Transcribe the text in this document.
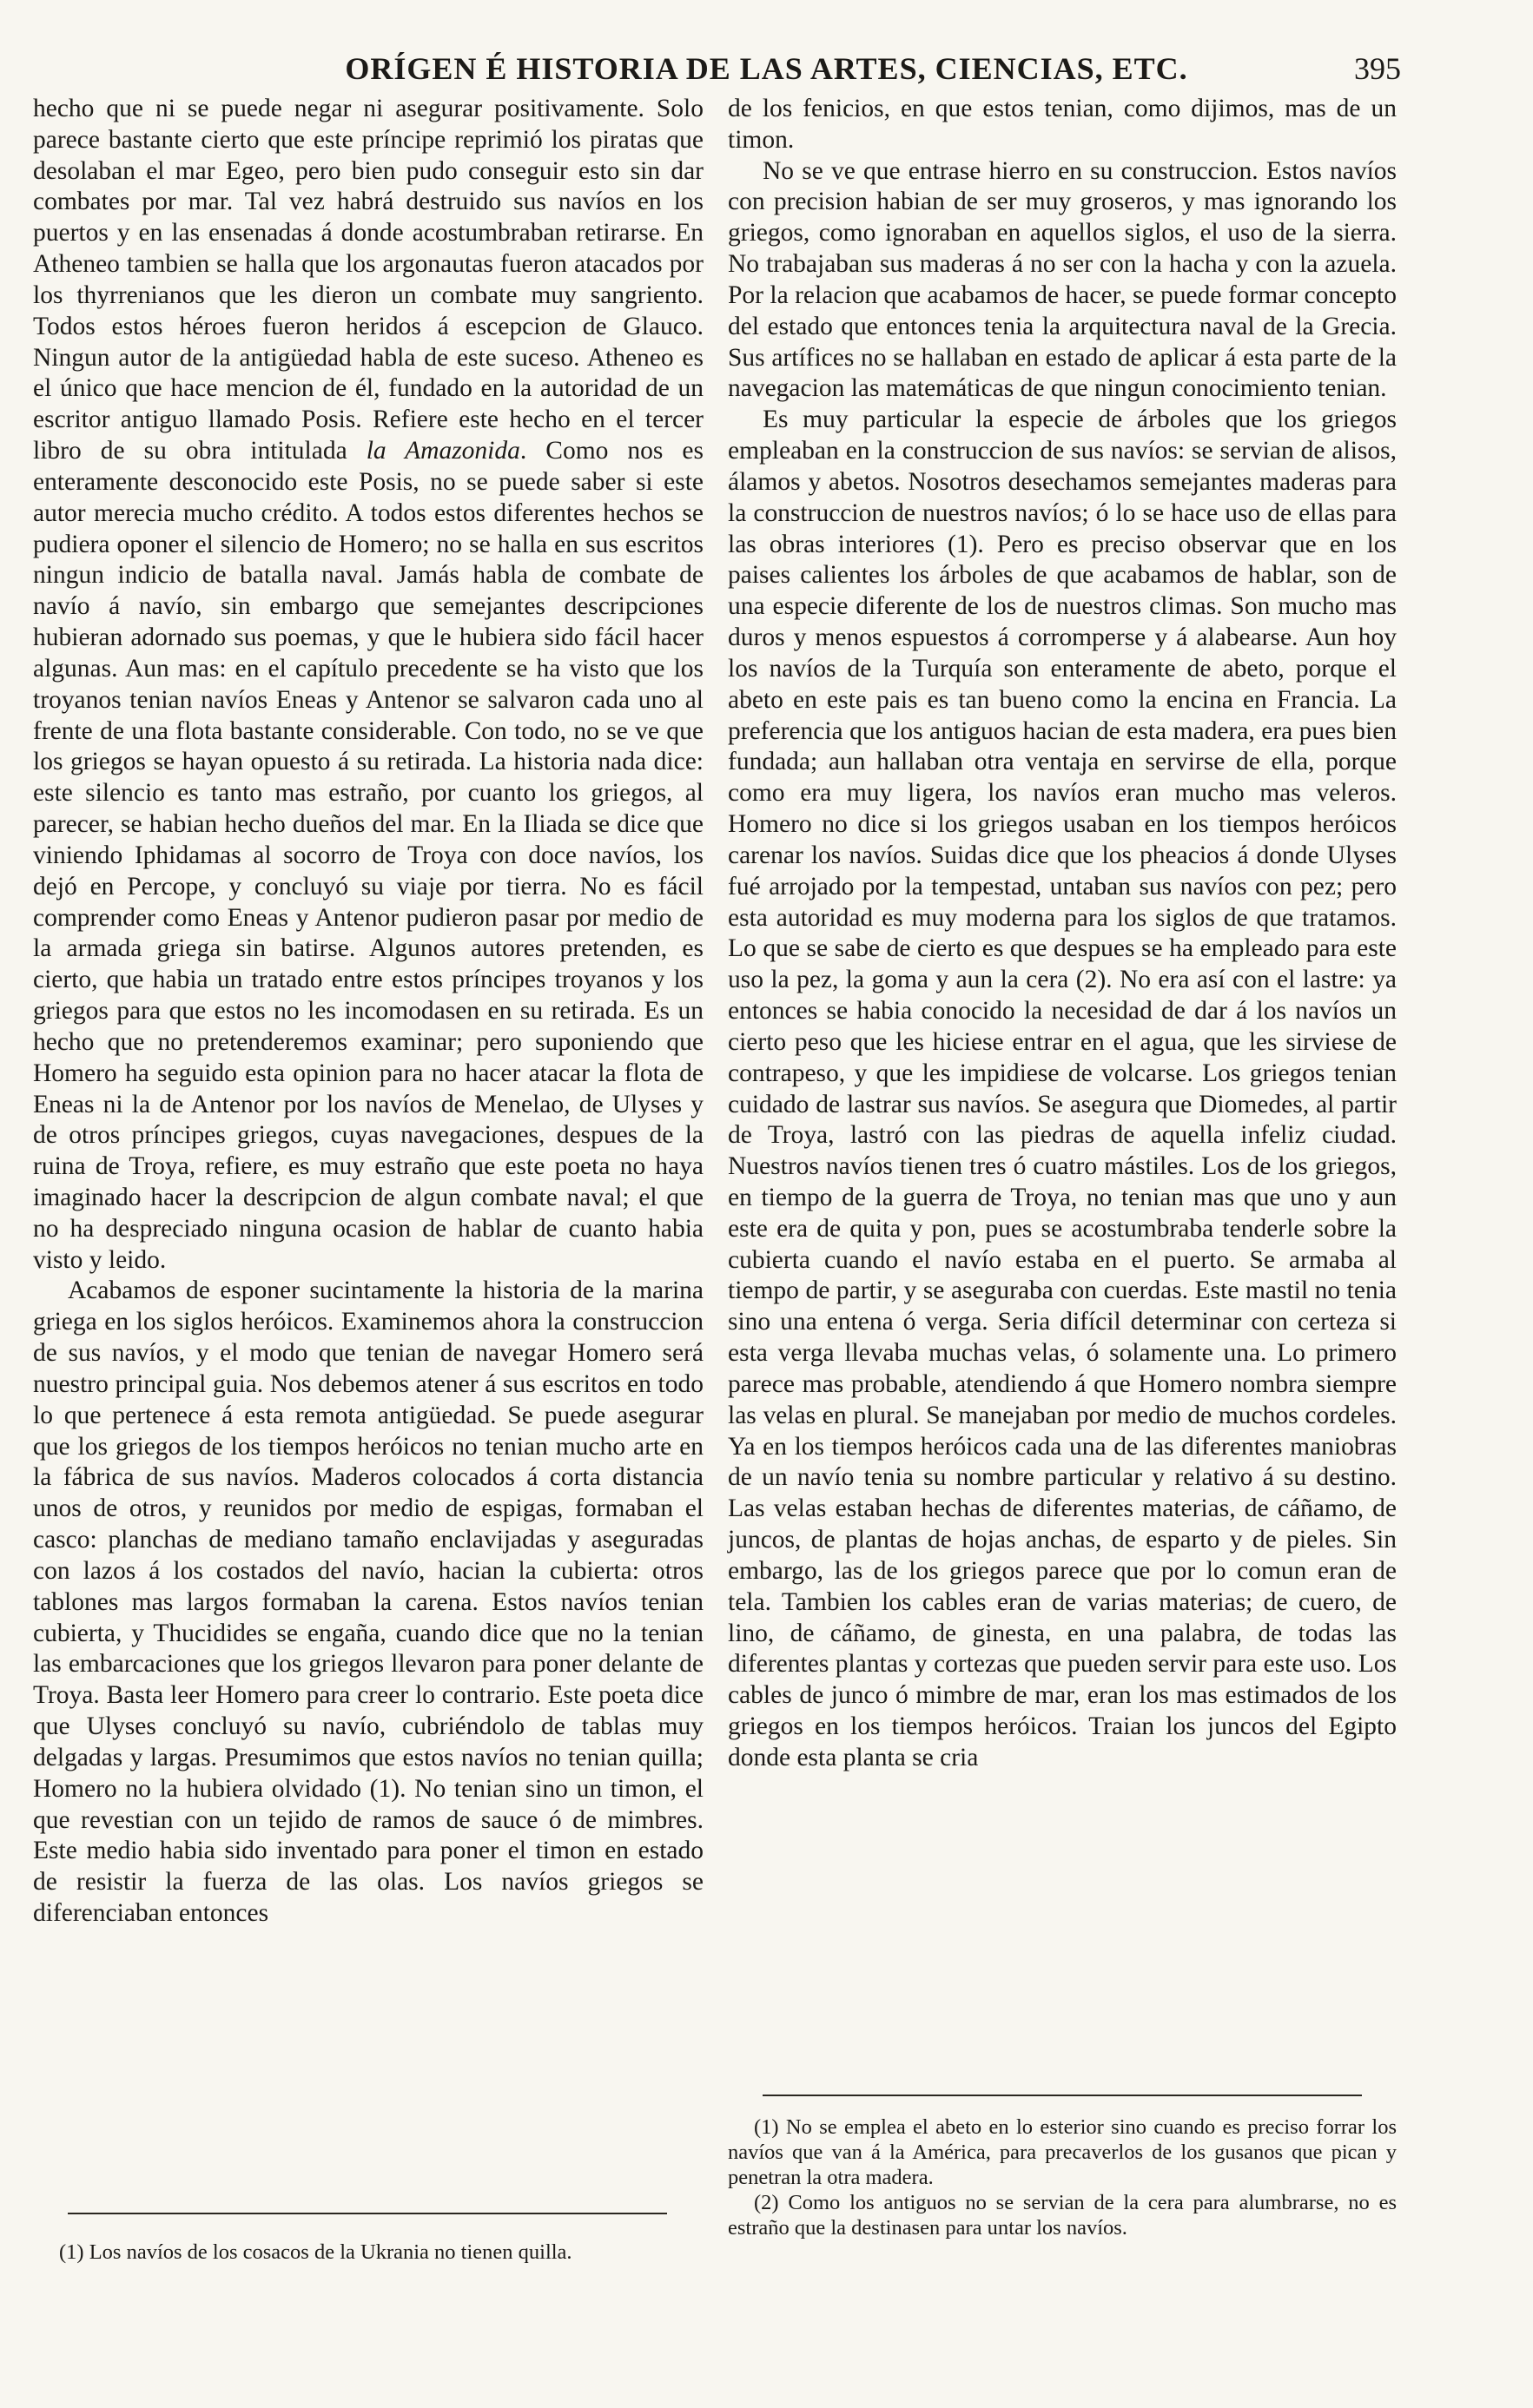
ORÍGEN É HISTORIA DE LAS ARTES, CIENCIAS, ETC.	395

hecho que ni se puede negar ni asegurar positivamente. Solo parece bastante cierto que este príncipe reprimió los piratas que desolaban el mar Egeo, pero bien pudo conseguir esto sin dar combates por mar. Tal vez habrá destruido sus navíos en los puertos y en las ensenadas á donde acostumbraban retirarse. En Atheneo tambien se halla que los argonautas fueron atacados por los thyrrenianos que les dieron un combate muy sangriento. Todos estos héroes fueron heridos á escepcion de Glauco. Ningun autor de la antigüedad habla de este suceso. Atheneo es el único que hace mencion de él, fundado en la autoridad de un escritor antiguo llamado Posis. Refiere este hecho en el tercer libro de su obra intitulada la Amazonida. Como nos es enteramente desconocido este Posis, no se puede saber si este autor merecia mucho crédito. A todos estos diferentes hechos se pudiera oponer el silencio de Homero; no se halla en sus escritos ningun indicio de batalla naval. Jamás habla de combate de navío á navío, sin embargo que semejantes descripciones hubieran adornado sus poemas, y que le hubiera sido fácil hacer algunas. Aun mas: en el capítulo precedente se ha visto que los troyanos tenian navíos Eneas y Antenor se salvaron cada uno al frente de una flota bastante considerable. Con todo, no se ve que los griegos se hayan opuesto á su retirada. La historia nada dice: este silencio es tanto mas estraño, por cuanto los griegos, al parecer, se habian hecho dueños del mar. En la Iliada se dice que viniendo Iphidamas al socorro de Troya con doce navíos, los dejó en Percope, y concluyó su viaje por tierra. No es fácil comprender como Eneas y Antenor pudieron pasar por medio de la armada griega sin batirse. Algunos autores pretenden, es cierto, que habia un tratado entre estos príncipes troyanos y los griegos para que estos no les incomodasen en su retirada. Es un hecho que no pretenderemos examinar; pero suponiendo que Homero ha seguido esta opinion para no hacer atacar la flota de Eneas ni la de Antenor por los navíos de Menelao, de Ulyses y de otros príncipes griegos, cuyas navegaciones, despues de la ruina de Troya, refiere, es muy estraño que este poeta no haya imaginado hacer la descripcion de algun combate naval; el que no ha despreciado ninguna ocasion de hablar de cuanto habia visto y leido.

Acabamos de esponer sucintamente la historia de la marina griega en los siglos heróicos. Examinemos ahora la construccion de sus navíos, y el modo que tenian de navegar Homero será nuestro principal guia. Nos debemos atener á sus escritos en todo lo que pertenece á esta remota antigüedad. Se puede asegurar que los griegos de los tiempos heróicos no tenian mucho arte en la fábrica de sus navíos. Maderos colocados á corta distancia unos de otros, y reunidos por medio de espigas, formaban el casco: planchas de mediano tamaño enclavijadas y aseguradas con lazos á los costados del navío, hacian la cubierta: otros tablones mas largos formaban la carena. Estos navíos tenian cubierta, y Thucidides se engaña, cuando dice que no la tenian las embarcaciones que los griegos llevaron para poner delante de Troya. Basta leer Homero para creer lo contrario. Este poeta dice que Ulyses concluyó su navío, cubriéndolo de tablas muy delgadas y largas. Presumimos que estos navíos no tenian quilla; Homero no la hubiera olvidado (1). No tenian sino un timon, el que revestian con un tejido de ramos de sauce ó de mimbres. Este medio habia sido inventado para poner el timon en estado de resistir la fuerza de las olas. Los navíos griegos se diferenciaban entonces

de los fenicios, en que estos tenian, como dijimos, mas de un timon.

No se ve que entrase hierro en su construccion. Estos navíos con precision habian de ser muy groseros, y mas ignorando los griegos, como ignoraban en aquellos siglos, el uso de la sierra. No trabajaban sus maderas á no ser con la hacha y con la azuela. Por la relacion que acabamos de hacer, se puede formar concepto del estado que entonces tenia la arquitectura naval de la Grecia. Sus artífices no se hallaban en estado de aplicar á esta parte de la navegacion las matemáticas de que ningun conocimiento tenian.

Es muy particular la especie de árboles que los griegos empleaban en la construccion de sus navíos: se servian de alisos, álamos y abetos. Nosotros desechamos semejantes maderas para la construccion de nuestros navíos; ó lo se hace uso de ellas para las obras interiores (1). Pero es preciso observar que en los paises calientes los árboles de que acabamos de hablar, son de una especie diferente de los de nuestros climas. Son mucho mas duros y menos espuestos á corromperse y á alabearse. Aun hoy los navíos de la Turquía son enteramente de abeto, porque el abeto en este pais es tan bueno como la encina en Francia. La preferencia que los antiguos hacian de esta madera, era pues bien fundada; aun hallaban otra ventaja en servirse de ella, porque como era muy ligera, los navíos eran mucho mas veleros. Homero no dice si los griegos usaban en los tiempos heróicos carenar los navíos. Suidas dice que los pheacios á donde Ulyses fué arrojado por la tempestad, untaban sus navíos con pez; pero esta autoridad es muy moderna para los siglos de que tratamos. Lo que se sabe de cierto es que despues se ha empleado para este uso la pez, la goma y aun la cera (2). No era así con el lastre: ya entonces se habia conocido la necesidad de dar á los navíos un cierto peso que les hiciese entrar en el agua, que les sirviese de contrapeso, y que les impidiese de volcarse. Los griegos tenian cuidado de lastrar sus navíos. Se asegura que Diomedes, al partir de Troya, lastró con las piedras de aquella infeliz ciudad. Nuestros navíos tienen tres ó cuatro mástiles. Los de los griegos, en tiempo de la guerra de Troya, no tenian mas que uno y aun este era de quita y pon, pues se acostumbraba tenderle sobre la cubierta cuando el navío estaba en el puerto. Se armaba al tiempo de partir, y se aseguraba con cuerdas. Este mastil no tenia sino una entena ó verga. Seria difícil determinar con certeza si esta verga llevaba muchas velas, ó solamente una. Lo primero parece mas probable, atendiendo á que Homero nombra siempre las velas en plural. Se manejaban por medio de muchos cordeles. Ya en los tiempos heróicos cada una de las diferentes maniobras de un navío tenia su nombre particular y relativo á su destino. Las velas estaban hechas de diferentes materias, de cáñamo, de juncos, de plantas de hojas anchas, de esparto y de pieles. Sin embargo, las de los griegos parece que por lo comun eran de tela. Tambien los cables eran de varias materias; de cuero, de lino, de cáñamo, de ginesta, en una palabra, de todas las diferentes plantas y cortezas que pueden servir para este uso. Los cables de junco ó mimbre de mar, eran los mas estimados de los griegos en los tiempos heróicos. Traian los juncos del Egipto donde esta planta se cria

(1) Los navíos de los cosacos de la Ukrania no tienen quilla.

(1) No se emplea el abeto en lo esterior sino cuando es preciso forrar los navíos que van á la América, para precaverlos de los gusanos que pican y penetran la otra madera.

(2) Como los antiguos no se servian de la cera para alumbrarse, no es estraño que la destinasen para untar los navíos.
